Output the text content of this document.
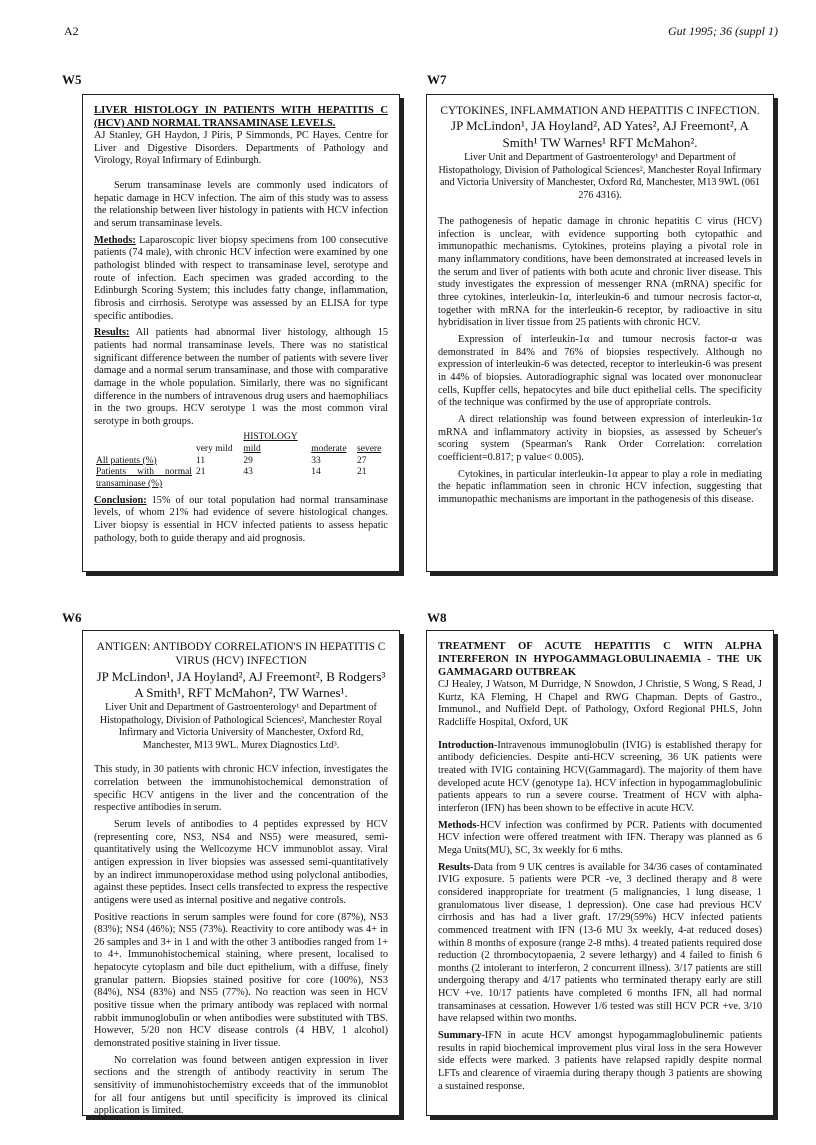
A2	Gut 1995; 36 (suppl 1)
W5
LIVER HISTOLOGY IN PATIENTS WITH HEPATITIS C (HCV) AND NORMAL TRANSAMINASE LEVELS.

AJ Stanley, GH Haydon, J Piris, P Simmonds, PC Hayes. Centre for Liver and Digestive Disorders. Departments of Pathology and Virology, Royal Infirmary of Edinburgh.

Serum transaminase levels are commonly used indicators of hepatic damage in HCV infection. The aim of this study was to assess the relationship between liver histology in patients with HCV infection and serum transaminase levels.

Methods: Laparoscopic liver biopsy specimens from 100 consecutive patients (74 male), with chronic HCV infection were examined by one pathologist blinded with respect to transaminase level, serotype and route of infection. Each specimen was graded according to the Edinburgh Scoring System; this includes fatty change, inflammation, fibrosis and cirrhosis. Serotype was assessed by an ELISA for type specific antibodies.

Results: All patients had abnormal liver histology, although 15 patients had normal transaminase levels. There was no statistical significant difference between the number of patients with severe liver damage and a normal serum transaminase, and those with comparative damage in the whole population. Similarly, there was no significant difference in the numbers of intravenous drug users and haemophiliacs in the two groups. HCV serotype 1 was the most common viral serotype in both groups.

		HISTOLOGY		
	very mild	mild	moderate	severe
All patients (%)	11	29	33	27
Patients with normal transaminase (%)	21	43	14	21

Conclusion: 15% of our total population had normal transaminase levels, of whom 21% had evidence of severe histological changes. Liver biopsy is essential in HCV infected patients to assess hepatic pathology, both to guide therapy and aid prognosis.

W7
CYTOKINES, INFLAMMATION AND HEPATITIS C INFECTION.
JP McLindon¹, JA Hoyland², AD Yates², AJ Freemont², A Smith¹ TW Warnes¹ RFT McMahon².
Liver Unit and Department of Gastroenterology¹ and Department of Histopathology, Division of Pathological Sciences², Manchester Royal Infirmary and Victoria University of Manchester, Oxford Rd, Manchester, M13 9WL (061 276 4316).

The pathogenesis of hepatic damage in chronic hepatitis C virus (HCV) infection is unclear, with evidence supporting both cytopathic and immunopathic mechanisms. Cytokines, proteins playing a pivotal role in many inflammatory conditions, have been demonstrated at increased levels in the serum and liver of patients with both acute and chronic liver disease. This study investigates the expression of messenger RNA (mRNA) specific for three cytokines, interleukin-1α, interleukin-6 and tumour necrosis factor-α, together with mRNA for the interleukin-6 receptor, by radioactive in situ hybridisation in liver tissue from 25 patients with chronic HCV.

Expression of interleukin-1α and tumour necrosis factor-α was demonstrated in 84% and 76% of biopsies respectively. Although no expression of interleukin-6 was detected, receptor to interleukin-6 was present in 44% of biopsies. Autoradiographic signal was located over mononuclear cells, Kupffer cells, hepatocytes and bile duct epithelial cells. The specificity of the technique was confirmed by the use of appropriate controls.

A direct relationship was found between expression of interleukin-1α mRNA and inflammatory activity in biopsies, as assessed by Scheuer's scoring system (Spearman's Rank Order Correlation: correlation coefficient=0.817; p value< 0.005).

Cytokines, in particular interleukin-1α appear to play a role in mediating the hepatic inflammation seen in chronic HCV infection, suggesting that immunopathic mechanisms are important in the pathogenesis of this disease.

W6
ANTIGEN: ANTIBODY CORRELATION'S IN HEPATITIS C VIRUS (HCV) INFECTION
JP McLindon¹, JA Hoyland², AJ Freemont², B Rodgers³ A Smith¹, RFT McMahon², TW Warnes¹.
Liver Unit and Department of Gastroenterology¹ and Department of Histopathology, Division of Pathological Sciences², Manchester Royal Infirmary and Victoria University of Manchester, Oxford Rd, Manchester, M13 9WL. Murex Diagnostics Ltd³.

This study, in 30 patients with chronic HCV infection, investigates the correlation between the immunohistochemical demonstration of specific HCV antigens in the liver and the concentration of the respective antibodies in serum.

Serum levels of antibodies to 4 peptides expressed by HCV (representing core, NS3, NS4 and NS5) were measured, semi-quantitatively using the Wellcozyme HCV immunoblot assay. Viral antigen expression in liver biopsies was assessed semi-quantitatively by an indirect immunoperoxidase method using polyclonal antibodies, against these peptides. Insect cells transfected to express the respective antigens were used as internal positive and negative controls.

Positive reactions in serum samples were found for core (87%), NS3 (83%); NS4 (46%); NS5 (73%). Reactivity to core antibody was 4+ in 26 samples and 3+ in 1 and with the other 3 antibodies ranged from 1+ to 4+. Immunohistochemical staining, where present, localised to hepatocyte cytoplasm and bile duct epithelium, with a diffuse, finely granular pattern. Biopsies stained positive for core (100%), NS3 (84%), NS4 (83%) and NS5 (77%). No reaction was seen in HCV positive tissue when the primary antibody was replaced with normal rabbit immunoglobulin or when antibodies were substituted with TBS. However, 5/20 non HCV disease controls (4 HBV, 1 alcohol) demonstrated positive staining in liver tissue.

No correlation was found between antigen expression in liver sections and the strength of antibody reactivity in serum The sensitivity of immunohistochemistry exceeds that of the immunoblot for all four antigens but until specificity is improved its clinical application is limited.

W8
TREATMENT OF ACUTE HEPATITIS C WITN ALPHA INTERFERON IN HYPOGAMMAGLOBULINAEMIA - THE UK GAMMAGARD OUTBREAK

CJ Healey, J Watson, M Durridge, N Snowdon, J Christie, S Wong, S Read, J Kurtz, KA Fleming, H Chapel and RWG Chapman. Depts of Gastro., Immunol., and Nuffield Dept. of Pathology, Oxford Regional PHLS, John Radcliffe Hospital, Oxford, UK

Introduction-Intravenous immunoglobulin (IVIG) is established therapy for antibody deficiencies. Despite anti-HCV screening, 36 UK patients were treated with IVIG containing HCV(Gammagard). The majority of them have developed acute HCV (genotype 1a). HCV infection in hypogammaglobulinic patients appears to run a severe course. Treatment of HCV with alpha-interferon (IFN) has been shown to be effective in acute HCV.

Methods-HCV infection was confirmed by PCR. Patients with documented HCV infection were offered treatment with IFN. Therapy was planned as 6 Mega Units(MU), SC, 3x weekly for 6 mths.

Results-Data from 9 UK centres is available for 34/36 cases of contaminated IVIG exposure. 5 patients were PCR -ve, 3 declined therapy and 8 were considered inappropriate for treatment (5 malignancies, 1 lung disease, 1 granulomatous liver disease, 1 depression). One case had previous HCV cirrhosis and has had a liver graft. 17/29(59%) HCV infected patients commenced treatment with IFN (13-6 MU 3x weekly, 4-at reduced doses) within 8 months of exposure (range 2-8 mths). 4 treated patients required dose reduction (2 thrombocytopaenia, 2 severe lethargy) and 4 failed to finish 6 months (2 intolerant to interferon, 2 concurrent illness). 3/17 patients are still undergoing therapy and 4/17 patients who terminated therapy early are still HCV +ve. 10/17 patients have completed 6 months IFN, all had normal transaminases at cessation. However 1/6 tested was still HCV PCR +ve. 3/10 have relapsed within two months.

Summary-IFN in acute HCV amongst hypogammaglobulinemic patients results in rapid biochemical improvement plus viral loss in the sera However side effects were marked. 3 patients have relapsed rapidly despite normal LFTs and clearence of viraemia during therapy though 3 patients are showing a sustained response.
